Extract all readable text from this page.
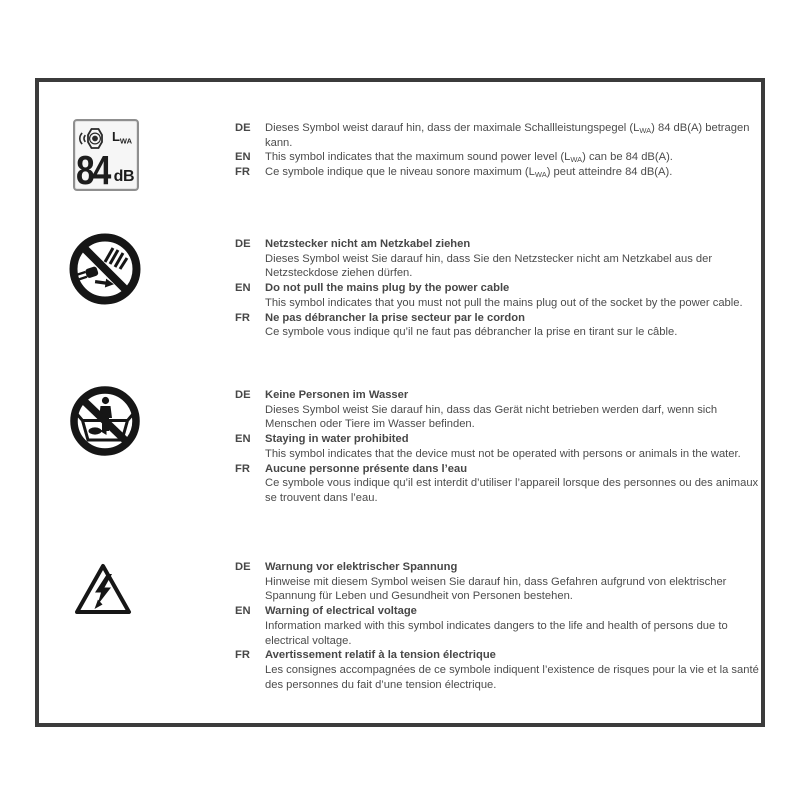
$L_{WA}$
84 dB
DE	Dieses Symbol weist darauf hin, dass der maximale Schallleistungspegel $(L_{WA})$ 84 dB(A) betragen kann.
EN	This symbol indicates that the maximum sound power level $(L_{WA})$ can be 84 dB(A).
FR	Ce symbole indique que le niveau sonore maximum $(L_{WA})$ peut atteindre 84 dB(A).
DE	Netzstecker nicht am Netzkabel ziehen
Dieses Symbol weist Sie darauf hin, dass Sie den Netzstecker nicht am Netzkabel aus der Netzsteckdose ziehen dürfen.
EN	Do not pull the mains plug by the power cable
This symbol indicates that you must not pull the mains plug out of the socket by the power cable.
FR	Ne pas débrancher la prise secteur par le cordon
Ce symbole vous indique qu’il ne faut pas débrancher la prise en tirant sur le câble.
DE	Keine Personen im Wasser
Dieses Symbol weist Sie darauf hin, dass das Gerät nicht betrieben werden darf, wenn sich Menschen oder Tiere im Wasser befinden.
EN	Staying in water prohibited
This symbol indicates that the device must not be operated with persons or animals in the water.
FR	Aucune personne présente dans l’eau
Ce symbole vous indique qu’il est interdit d’utiliser l’appareil lorsque des personnes ou des animaux se trouvent dans l’eau.
DE	Warnung vor elektrischer Spannung
Hinweise mit diesem Symbol weisen Sie darauf hin, dass Gefahren aufgrund von elektrischer Spannung für Leben und Gesundheit von Personen bestehen.
EN	Warning of electrical voltage
Information marked with this symbol indicates dangers to the life and health of persons due to electrical voltage.
FR	Avertissement relatif à la tension électrique
Les consignes accompagnées de ce symbole indiquent l’existence de risques pour la vie et la santé des personnes du fait d’une tension électrique.
